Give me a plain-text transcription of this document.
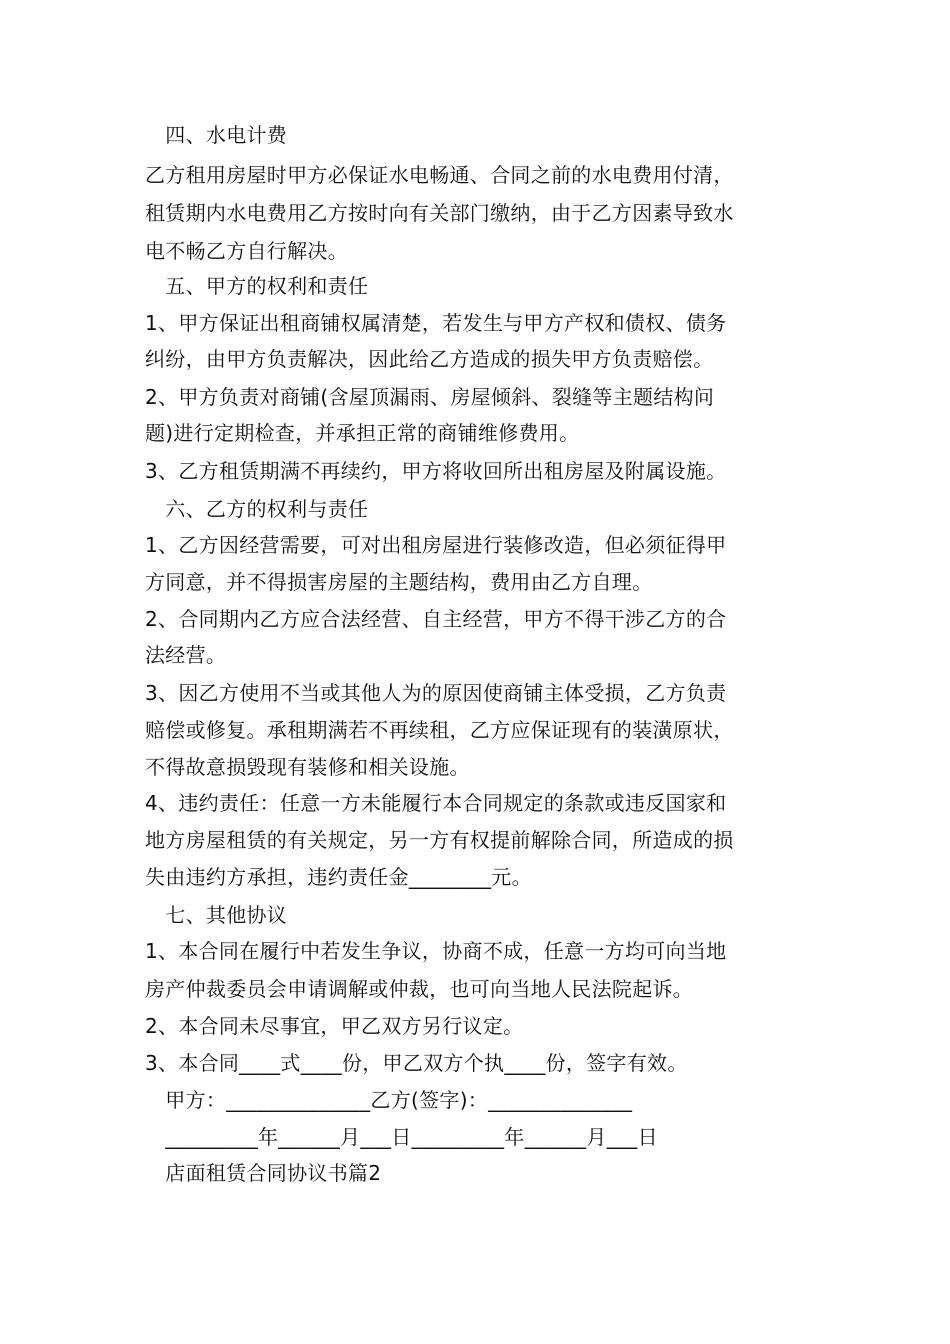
　四、水电计费
乙方租用房屋时甲方必保证水电畅通、合同之前的水电费用付清，
租赁期内水电费用乙方按时向有关部门缴纳，由于乙方因素导致水
电不畅乙方自行解决。
　五、甲方的权利和责任
1、甲方保证出租商铺权属清楚，若发生与甲方产权和债权、债务
纠纷，由甲方负责解决，因此给乙方造成的损失甲方负责赔偿。
2、甲方负责对商铺(含屋顶漏雨、房屋倾斜、裂缝等主题结构问
题)进行定期检查，并承担正常的商铺维修费用。
3、乙方租赁期满不再续约，甲方将收回所出租房屋及附属设施。
　六、乙方的权利与责任
1、乙方因经营需要，可对出租房屋进行装修改造，但必须征得甲
方同意，并不得损害房屋的主题结构，费用由乙方自理。
2、合同期内乙方应合法经营、自主经营，甲方不得干涉乙方的合
法经营。
3、因乙方使用不当或其他人为的原因使商铺主体受损，乙方负责
赔偿或修复。承租期满若不再续租，乙方应保证现有的装潢原状，
不得故意损毁现有装修和相关设施。
4、违约责任：任意一方未能履行本合同规定的条款或违反国家和
地方房屋租赁的有关规定，另一方有权提前解除合同，所造成的损
失由违约方承担，违约责任金________元。
　七、其他协议
1、本合同在履行中若发生争议，协商不成，任意一方均可向当地
房产仲裁委员会申请调解或仲裁，也可向当地人民法院起诉。
2、本合同未尽事宜，甲乙双方另行议定。
3、本合同____式____份，甲乙双方个执____份，签字有效。
　甲方：______________乙方(签字)：______________
　_________年______月___日_________年______月___日
　店面租赁合同协议书篇2
